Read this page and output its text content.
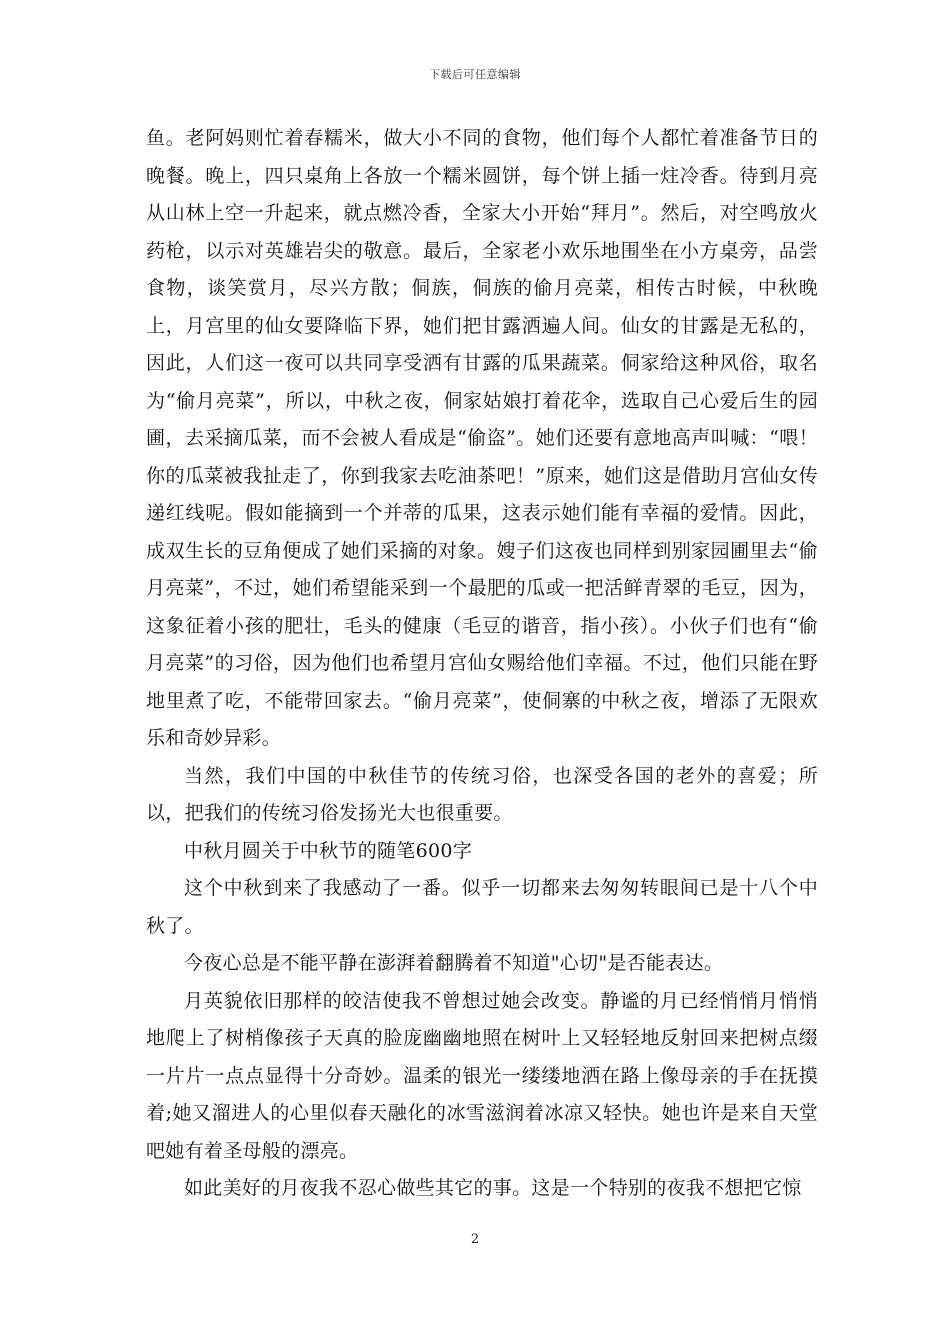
下载后可任意编辑

鱼。老阿妈则忙着春糯米，做大小不同的食物，他们每个人都忙着准备节日的晚餐。晚上，四只桌角上各放一个糯米圆饼，每个饼上插一炷冷香。待到月亮从山林上空一升起来，就点燃冷香，全家大小开始“拜月”。然后，对空鸣放火药枪，以示对英雄岩尖的敬意。最后，全家老小欢乐地围坐在小方桌旁，品尝食物，谈笑赏月，尽兴方散；侗族，侗族的偷月亮菜，相传古时候，中秋晚上，月宫里的仙女要降临下界，她们把甘露洒遍人间。仙女的甘露是无私的，因此，人们这一夜可以共同享受洒有甘露的瓜果蔬菜。侗家给这种风俗，取名为“偷月亮菜”，所以，中秋之夜，侗家姑娘打着花伞，选取自己心爱后生的园圃，去采摘瓜菜，而不会被人看成是“偷盗”。她们还要有意地高声叫喊：“喂！你的瓜菜被我扯走了，你到我家去吃油茶吧！”原来，她们这是借助月宫仙女传递红线呢。假如能摘到一个并蒂的瓜果，这表示她们能有幸福的爱情。因此，成双生长的豆角便成了她们采摘的对象。嫂子们这夜也同样到别家园圃里去“偷月亮菜”，不过，她们希望能采到一个最肥的瓜或一把活鲜青翠的毛豆，因为，这象征着小孩的肥壮，毛头的健康（毛豆的谐音，指小孩）。小伙子们也有“偷月亮菜”的习俗，因为他们也希望月宫仙女赐给他们幸福。不过，他们只能在野地里煮了吃，不能带回家去。“偷月亮菜”，使侗寨的中秋之夜，增添了无限欢乐和奇妙异彩。

当然，我们中国的中秋佳节的传统习俗，也深受各国的老外的喜爱；所以，把我们的传统习俗发扬光大也很重要。

中秋月圆关于中秋节的随笔600字

这个中秋到来了我感动了一番。似乎一切都来去匆匆转眼间已是十八个中秋了。

今夜心总是不能平静在澎湃着翻腾着不知道"心切"是否能表达。

月英貌依旧那样的皎洁使我不曾想过她会改变。静谧的月已经悄悄月悄悄地爬上了树梢像孩子天真的脸庞幽幽地照在树叶上又轻轻地反射回来把树点缀一片片一点点显得十分奇妙。温柔的银光一缕缕地洒在路上像母亲的手在抚摸着;她又溜进人的心里似春天融化的冰雪滋润着冰凉又轻快。她也许是来自天堂吧她有着圣母般的漂亮。

如此美好的月夜我不忍心做些其它的事。这是一个特别的夜我不想把它惊

2
